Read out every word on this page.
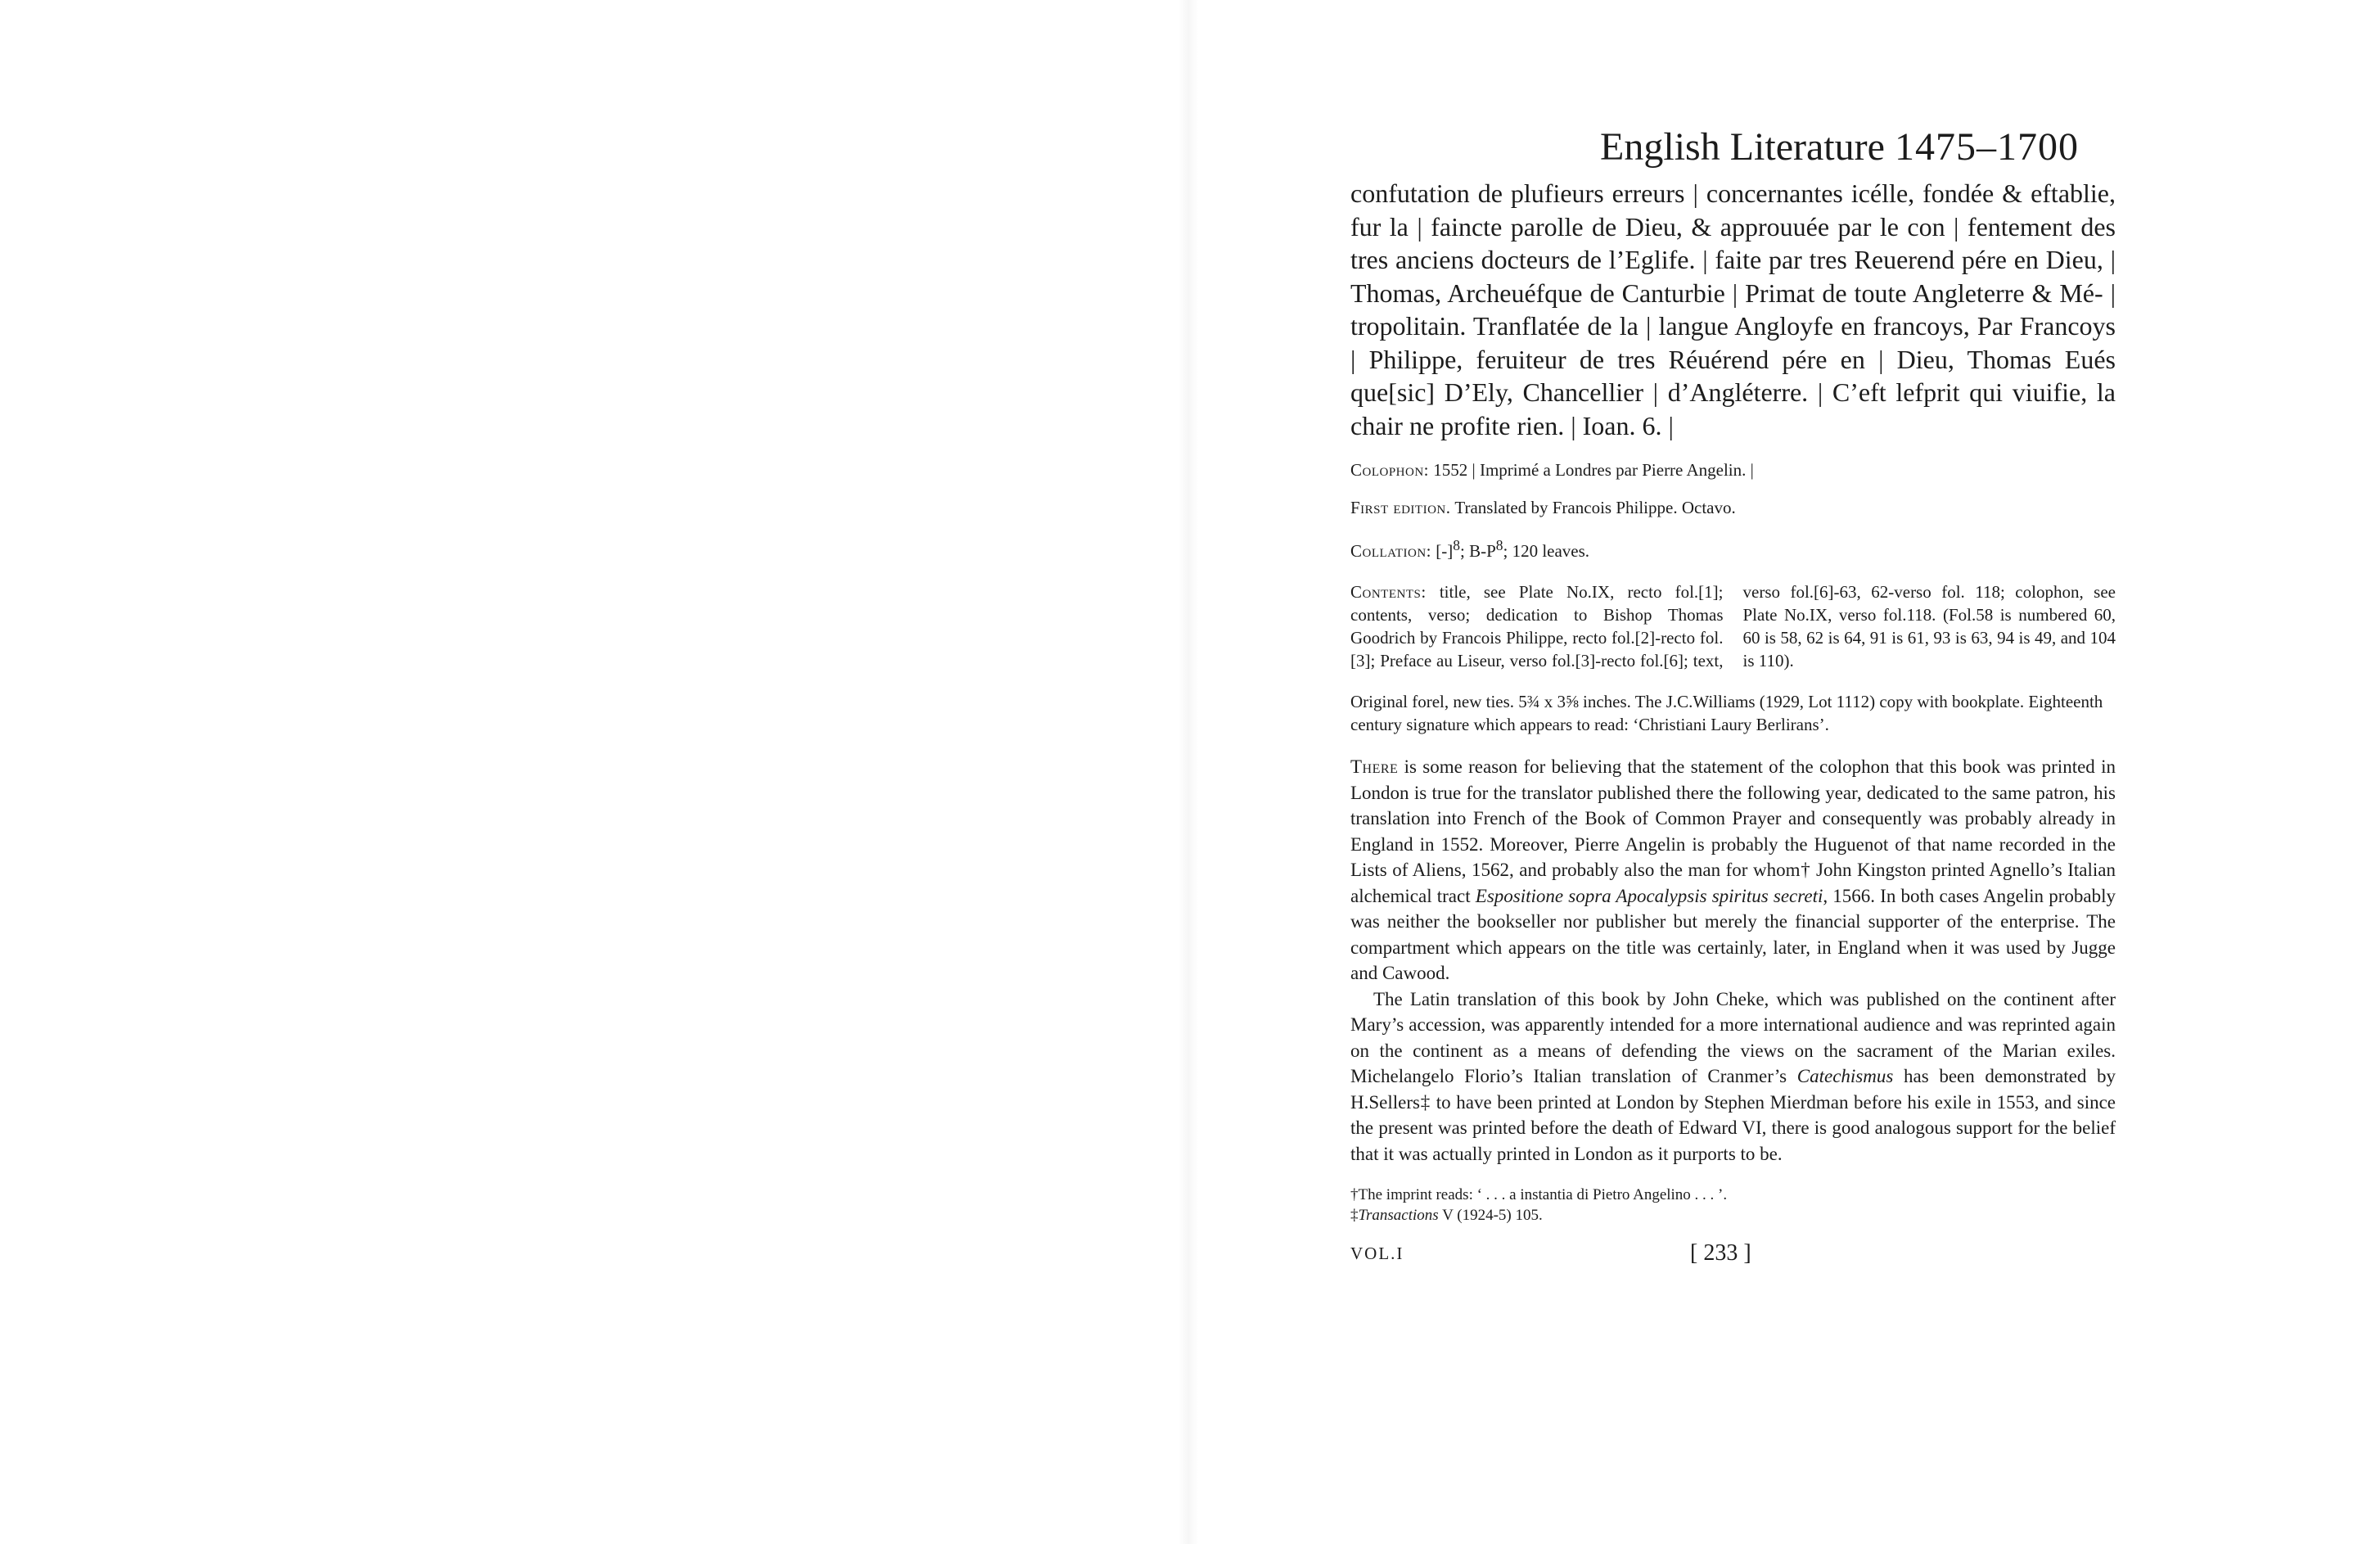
English Literature 1475–1700

confutation de plufieurs erreurs | concernantes icélle, fondée & eftablie, fur la | faincte parolle de Dieu, & approuuée par le con | fentement des tres anciens docteurs de l’Eglife. | faite par tres Reuerend pére en Dieu, | Thomas, Archeuéfque de Canturbie | Primat de toute Angleterre & Mé- | tropolitain. Tranflatée de la | langue Angloyfe en francoys, Par Francoys | Philippe, feruiteur de tres Réuérend pére en | Dieu, Thomas Eués que[sic] D’Ely, Chancellier | d’Angléterre. | C’eft lefprit qui viuifie, la chair ne profite rien. | Ioan. 6. |

Colophon: 1552 | Imprimé a Londres par Pierre Angelin. |
First edition. Translated by Francois Philippe. Octavo.
Collation: $[-]^8$; $B-P^8$; 120 leaves.
Contents: title, see Plate No.IX, recto fol.[1]; contents, verso; dedication to Bishop Thomas Goodrich by Francois Philippe, recto fol.[2]-recto fol.[3]; Preface au Liseur, verso fol.[3]-recto fol.[6]; text, verso fol.[6]-63, 62-verso fol. 118; colophon, see Plate No.IX, verso fol.118. (Fol.58 is numbered 60, 60 is 58, 62 is 64, 91 is 61, 93 is 63, 94 is 49, and 104 is 110).
Original forel, new ties. 5¾ x 3⅝ inches. The J.C.Williams (1929, Lot 1112) copy with bookplate. Eighteenth century signature which appears to read: ‘Christiani Laury Berlirans’.

There is some reason for believing that the statement of the colophon that this book was printed in London is true for the translator published there the following year, dedicated to the same patron, his translation into French of the Book of Common Prayer and consequently was probably already in England in 1552. Moreover, Pierre Angelin is probably the Huguenot of that name recorded in the Lists of Aliens, 1562, and probably also the man for whom† John Kingston printed Agnello’s Italian alchemical tract Espositione sopra Apocalypsis spiritus secreti, 1566. In both cases Angelin probably was neither the bookseller nor publisher but merely the financial supporter of the enterprise. The compartment which appears on the title was certainly, later, in England when it was used by Jugge and Cawood.

The Latin translation of this book by John Cheke, which was published on the continent after Mary’s accession, was apparently intended for a more international audience and was reprinted again on the continent as a means of defending the views on the sacrament of the Marian exiles. Michelangelo Florio’s Italian translation of Cranmer’s Catechismus has been demonstrated by H.Sellers‡ to have been printed at London by Stephen Mierdman before his exile in 1553, and since the present was printed before the death of Edward VI, there is good analogous support for the belief that it was actually printed in London as it purports to be.

†The imprint reads: ‘ . . . a instantia di Pietro Angelino . . . ’.
‡Transactions V (1924-5) 105.
VOL.I	[ 233 ]
